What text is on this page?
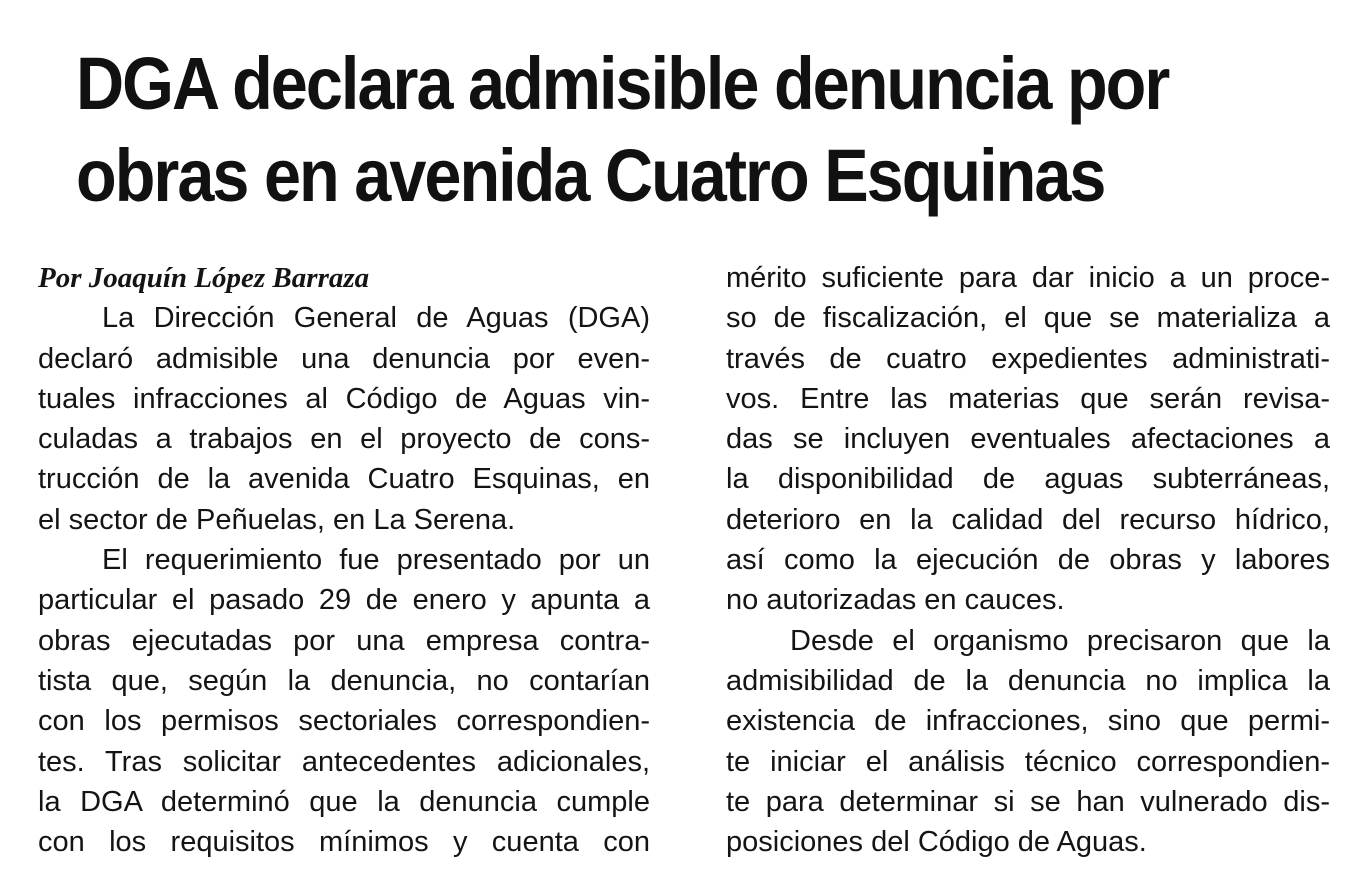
DGA declara admisible denuncia por
obras en avenida Cuatro Esquinas
Por Joaquín López Barraza
La Dirección General de Aguas (DGA)
declaró admisible una denuncia por even-
tuales infracciones al Código de Aguas vin-
culadas a trabajos en el proyecto de cons-
trucción de la avenida Cuatro Esquinas, en
el sector de Peñuelas, en La Serena.
El requerimiento fue presentado por un
particular el pasado 29 de enero y apunta a
obras ejecutadas por una empresa contra-
tista que, según la denuncia, no contarían
con los permisos sectoriales correspondien-
tes. Tras solicitar antecedentes adicionales,
la DGA determinó que la denuncia cumple
con los requisitos mínimos y cuenta con
mérito suficiente para dar inicio a un proce-
so de fiscalización, el que se materializa a
través de cuatro expedientes administrati-
vos. Entre las materias que serán revisa-
das se incluyen eventuales afectaciones a
la disponibilidad de aguas subterráneas,
deterioro en la calidad del recurso hídrico,
así como la ejecución de obras y labores
no autorizadas en cauces.
Desde el organismo precisaron que la
admisibilidad de la denuncia no implica la
existencia de infracciones, sino que permi-
te iniciar el análisis técnico correspondien-
te para determinar si se han vulnerado dis-
posiciones del Código de Aguas.
